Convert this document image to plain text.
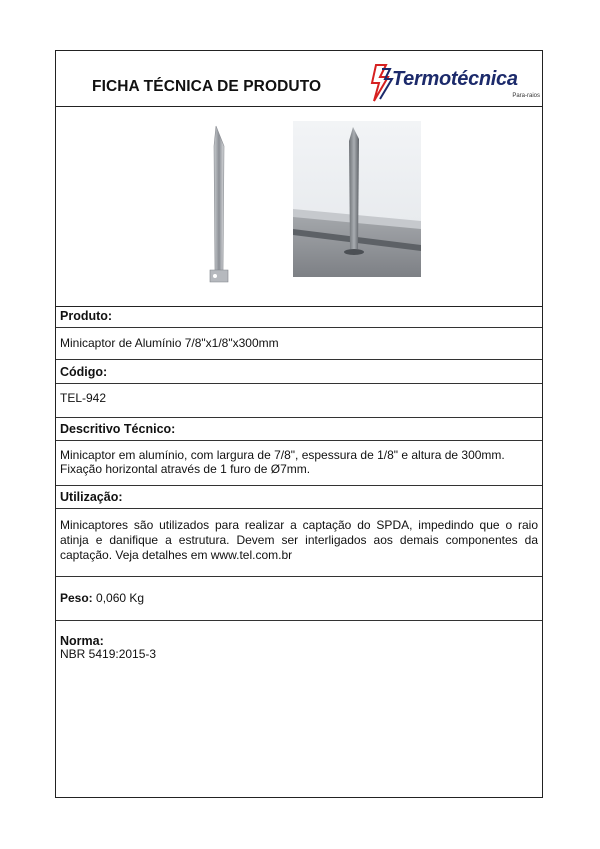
FICHA TÉCNICA DE PRODUTO	Termotécnica
Para-raios
Produto:
Minicaptor de Alumínio 7/8"x1/8"x300mm
Código:
TEL-942
Descritivo Técnico:
Minicaptor em alumínio, com largura de 7/8", espessura de 1/8" e altura de 300mm.
Fixação horizontal através de 1 furo de Ø7mm.
Utilização:
Minicaptores são utilizados para realizar a captação do SPDA, impedindo que o raio atinja e danifique a estrutura. Devem ser interligados aos demais componentes da captação. Veja detalhes em www.tel.com.br
Peso: 0,060 Kg
Norma:
NBR 5419:2015-3
